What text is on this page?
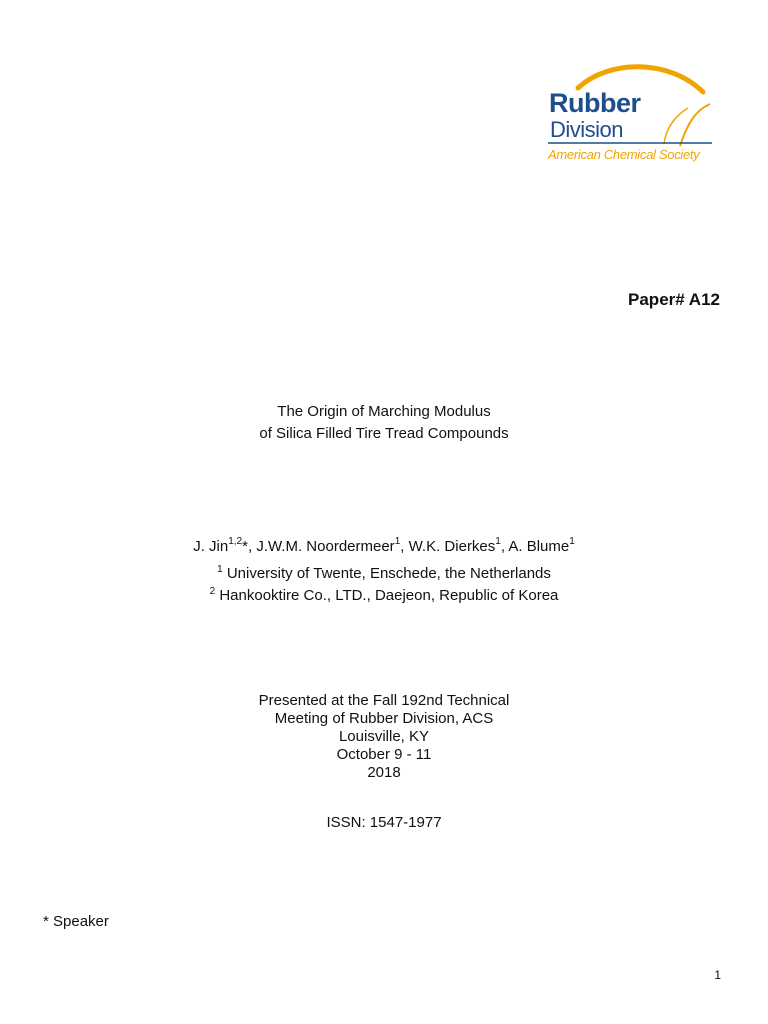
Rubber
Division
American Chemical Society
Paper# A12
The Origin of Marching Modulus
of Silica Filled Tire Tread Compounds
J. Jin$^{1,2}$*, J.W.M. Noordermeer$^1$, W.K. Dierkes$^1$, A. Blume$^1$
$^1$ University of Twente, Enschede, the Netherlands
$^2$ Hankooktire Co., LTD., Daejeon, Republic of Korea
Presented at the Fall 192nd Technical
Meeting of Rubber Division, ACS
Louisville, KY
October 9 - 11
2018
ISSN: 1547-1977
* Speaker
1
